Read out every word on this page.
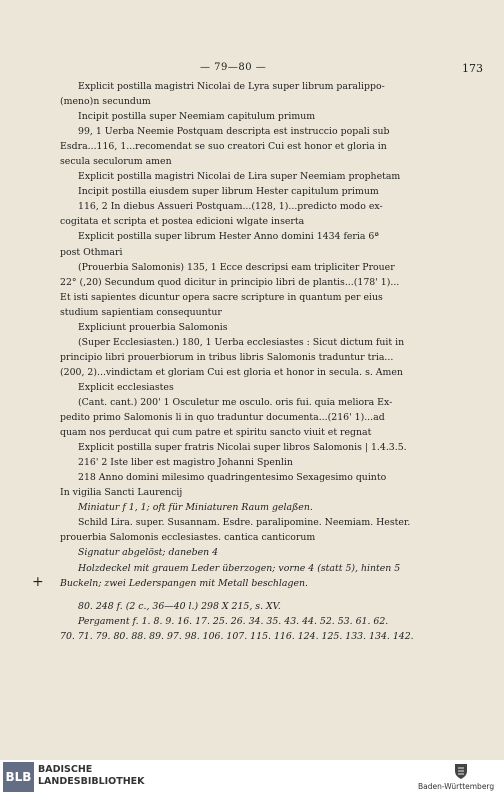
— 79—80 —	173
Explicit postilla magistri Nicolai de Lyra super librum paralippo-
(meno)n secundum
Incipit postilla super Neemiam capitulum primum
99, 1 Uerba Neemie Postquam descripta est instruccio popali sub
Esdra...116, 1...recomendat se suo creatori Cui est honor et gloria in
secula seculorum amen
Explicit postilla magistri Nicolai de Lira super Neemiam prophetam
Incipit postilla eiusdem super librum Hester capitulum primum
116, 2 In diebus Assueri Postquam...(128, 1)...predicto modo ex-
cogitata et scripta et postea edicioni wlgate inserta
Explicit postilla super librum Hester Anno domini 1434 feria 6ª
post Othmari
(Prouerbia Salomonis) 135, 1 Ecce descripsi eam tripliciter Prouer
22° (,20) Secundum quod dicitur in principio libri de plantis...(178' 1)...
Et isti sapientes dicuntur opera sacre scripture in quantum per eius
studium sapientiam consequuntur
Expliciunt prouerbia Salomonis
(Super Ecclesiasten.) 180, 1 Uerba ecclesiastes : Sicut dictum fuit in
principio libri prouerbiorum in tribus libris Salomonis traduntur tria...
(200, 2)...vindictam et gloriam Cui est gloria et honor in secula. s. Amen
Explicit ecclesiastes
(Cant. cant.) 200' 1 Osculetur me osculo. oris fui. quia meliora Ex-
pedito primo Salomonis li in quo traduntur documenta...(216' 1)...ad
quam nos perducat qui cum patre et spiritu sancto viuit et regnat
Explicit postilla super fratris Nicolai super libros Salomonis | 1.4.3.5.
216' 2 Iste liber est magistro Johanni Spenlin
218 Anno domini milesimo quadringentesimo Sexagesimo quinto
In vigilia Sancti Laurencij
Miniatur f 1, 1; oft für Miniaturen Raum gelaßen.
Schild Lira. super. Susannam. Esdre. paralipomine. Neemiam. Hester.
prouerbia Salomonis ecclesiastes. cantica canticorum
Signatur abgelöst; daneben 4
Holzdeckel mit grauem Leder überzogen; vorne 4 (statt 5), hinten 5
Buckeln; zwei Lederspangen mit Metall beschlagen.
80. 248 f. (2 c., 36—40 l.) 298 X 215, s. XV.
Pergament f. 1. 8. 9. 16. 17. 25. 26. 34. 35. 43. 44. 52. 53. 61. 62.
70. 71. 79. 80. 88. 89. 97. 98. 106. 107. 115. 116. 124. 125. 133. 134. 142.
+
BLB
BADISCHE
LANDESBIBLIOTHEK	Baden-Württemberg
